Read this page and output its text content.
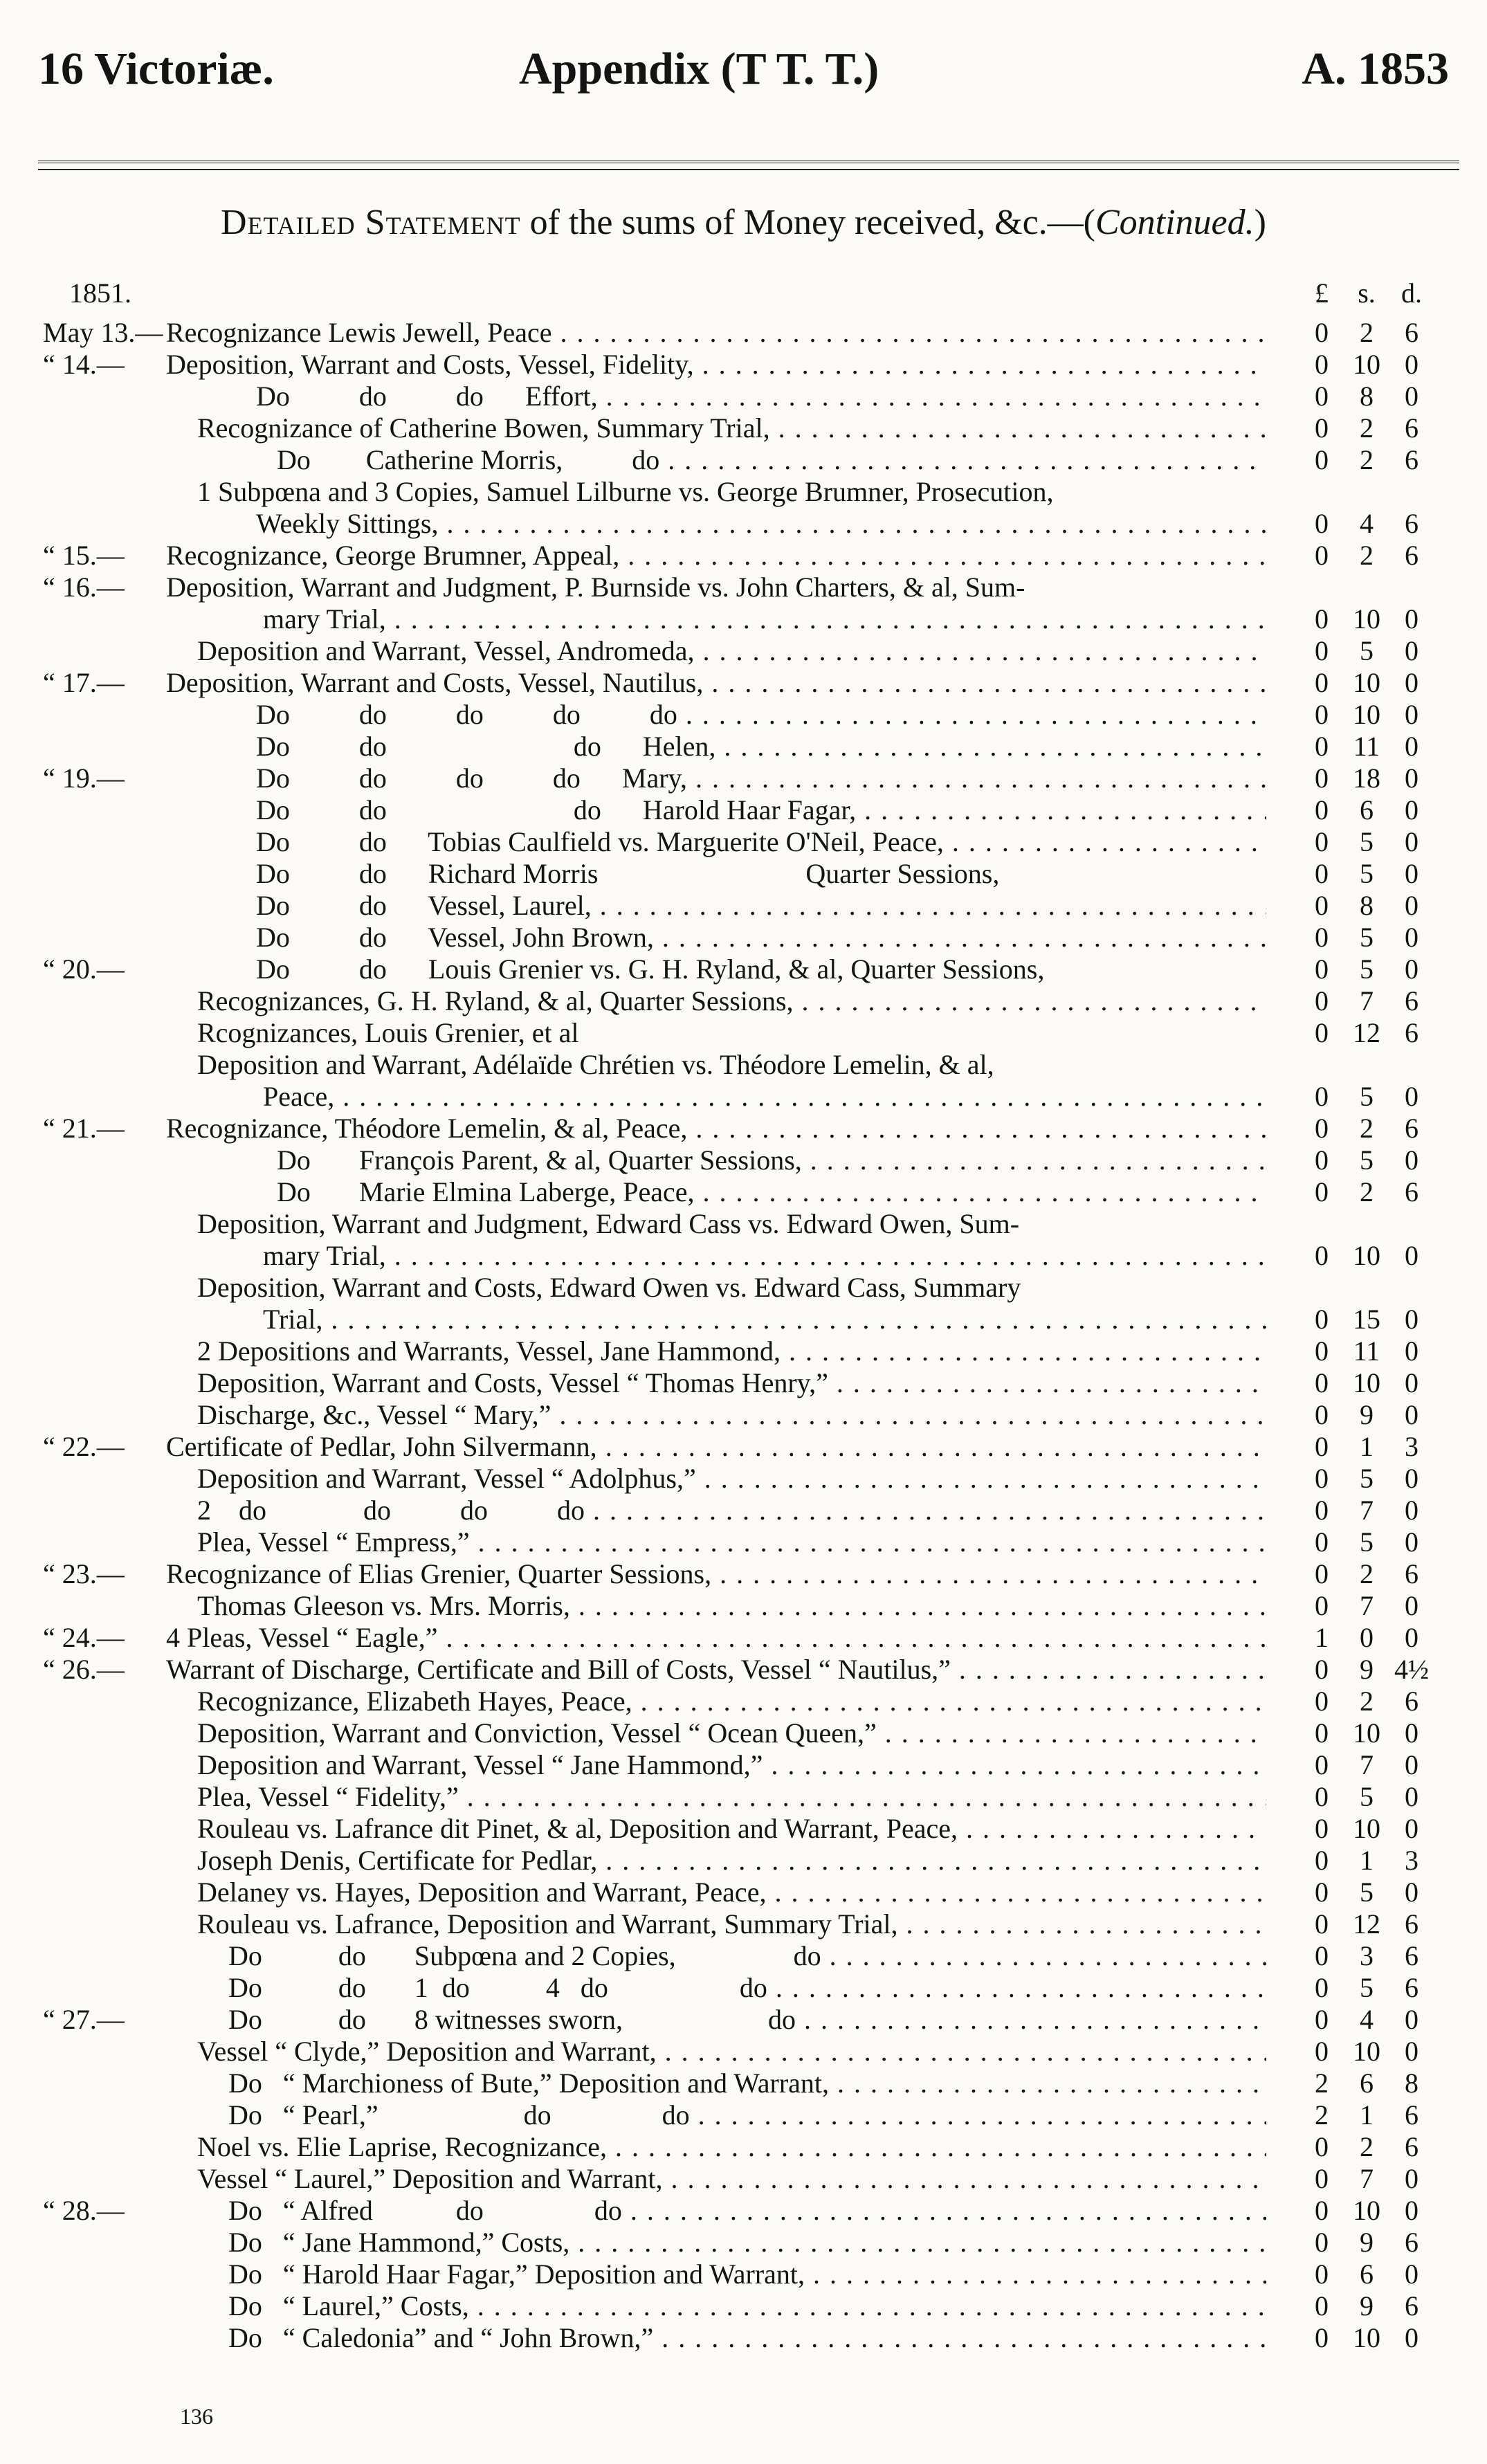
16 Victoriæ.	Appendix (T T. T.)	A. 1853
Detailed Statement of the sums of Money received, &c.—(Continued.)
1851.	£	s. d.
May 13.— Recognizance Lewis Jewell, Peace . . .	0	2	6
“ 14.— Deposition, Warrant and Costs, Vessel, Fidelity, . . .	0 10 0
Do          do          do      Effort, . . .	0	8	0
Recognizance of Catherine Bowen, Summary Trial, . . .	0	2	6
Do        Catherine Morris,          do . . .	0	2	6
1 Subpœna and 3 Copies, Samuel Lilburne vs. George Brumner, Prosecution,
Weekly Sittings, . . .	0	4	6
“ 15.— Recognizance, George Brumner, Appeal, . . .	0	2	6
“ 16.— Deposition, Warrant and Judgment, P. Burnside vs. John Charters, & al, Sum-
mary Trial, . . .	0 10 0
Deposition and Warrant, Vessel, Andromeda, . . .	0	5	0
“ 17.— Deposition, Warrant and Costs, Vessel, Nautilus, . . .	0 10 0
Do          do          do          do          do . . .	0 10 0
Do          do                           do      Helen, . . .	0 11 0
“ 19.—	Do          do          do          do      Mary, . . .	0 18 0
Do          do                           do      Harold Haar Fagar, . . .	0	6	0
Do          do      Tobias Caulfield vs. Marguerite O'Neil, Peace, . . .	0	5	0
Do          do      Richard Morris                              Quarter Sessions,	0	5	0
Do          do      Vessel, Laurel, . . .	0	8	0
Do          do      Vessel, John Brown, . . .	0	5	0
“ 20.—	Do          do      Louis Grenier vs. G. H. Ryland, & al, Quarter Sessions,	0	5	0
Recognizances, G. H. Ryland, & al, Quarter Sessions, . . .	0	7	6
Rcognizances, Louis Grenier, et al	0 12 6
Deposition and Warrant, Adélaïde Chrétien vs. Théodore Lemelin, & al,
Peace, . . .	0	5	0
“ 21.— Recognizance, Théodore Lemelin, & al, Peace, . . .	0	2	6
Do       François Parent, & al, Quarter Sessions, . . .	0	5	0
Do       Marie Elmina Laberge, Peace, . . .	0	2	6
Deposition, Warrant and Judgment, Edward Cass vs. Edward Owen, Sum-
mary Trial, . . .	0 10 0
Deposition, Warrant and Costs, Edward Owen vs. Edward Cass, Summary
Trial, . . .	0 15 0
2 Depositions and Warrants, Vessel, Jane Hammond, . . .	0 11 0
Deposition, Warrant and Costs, Vessel “ Thomas Henry,” . . .	0 10 0
Discharge, &c., Vessel “ Mary,” . . .	0	9	0
“ 22.— Certificate of Pedlar, John Silvermann, . . .	0	1	3
Deposition and Warrant, Vessel “ Adolphus,” . . .	0	5	0
2    do              do          do          do . . .	0	7	0
Plea, Vessel “ Empress,” . . .	0	5	0
“ 23.— Recognizance of Elias Grenier, Quarter Sessions, . . .	0	2	6
Thomas Gleeson vs. Mrs. Morris, . . .	0	7	0
“ 24.— 4 Pleas, Vessel “ Eagle,” . . .	1	0	0
“ 26.— Warrant of Discharge, Certificate and Bill of Costs, Vessel “ Nautilus,” . . .	0	9 4½
Recognizance, Elizabeth Hayes, Peace, . . .	0	2	6
Deposition, Warrant and Conviction, Vessel “ Ocean Queen,” . . .	0 10 0
Deposition and Warrant, Vessel “ Jane Hammond,” . . .	0	7	0
Plea, Vessel “ Fidelity,” . . .	0	5	0
Rouleau vs. Lafrance dit Pinet, & al, Deposition and Warrant, Peace, . . .	0 10 0
Joseph Denis, Certificate for Pedlar, . . .	0	1	3
Delaney vs. Hayes, Deposition and Warrant, Peace, . . .	0	5	0
Rouleau vs. Lafrance, Deposition and Warrant, Summary Trial, . . .	0 12 6
Do           do       Subpœna and 2 Copies,                 do . . .	0	3	6
Do           do       1  do           4   do                   do . . .	0	5	6
“ 27.—	Do           do       8 witnesses sworn,                     do . . .	0	4	0
Vessel “ Clyde,” Deposition and Warrant, . . .	0 10 0
Do   “ Marchioness of Bute,” Deposition and Warrant, . . .	2	6	8
Do   “ Pearl,”                     do                do . . .	2	1	6
Noel vs. Elie Laprise, Recognizance, . . .	0	2	6
Vessel “ Laurel,” Deposition and Warrant, . . .	0	7	0
“ 28.—	Do   “ Alfred            do                do . . .	0 10 0
Do   “ Jane Hammond,” Costs, . . .	0	9	6
Do   “ Harold Haar Fagar,” Deposition and Warrant, . . .	0	6	0
Do   “ Laurel,” Costs, . . .	0	9	6
Do   “ Caledonia” and “ John Brown,” . . .	0 10 0
136
